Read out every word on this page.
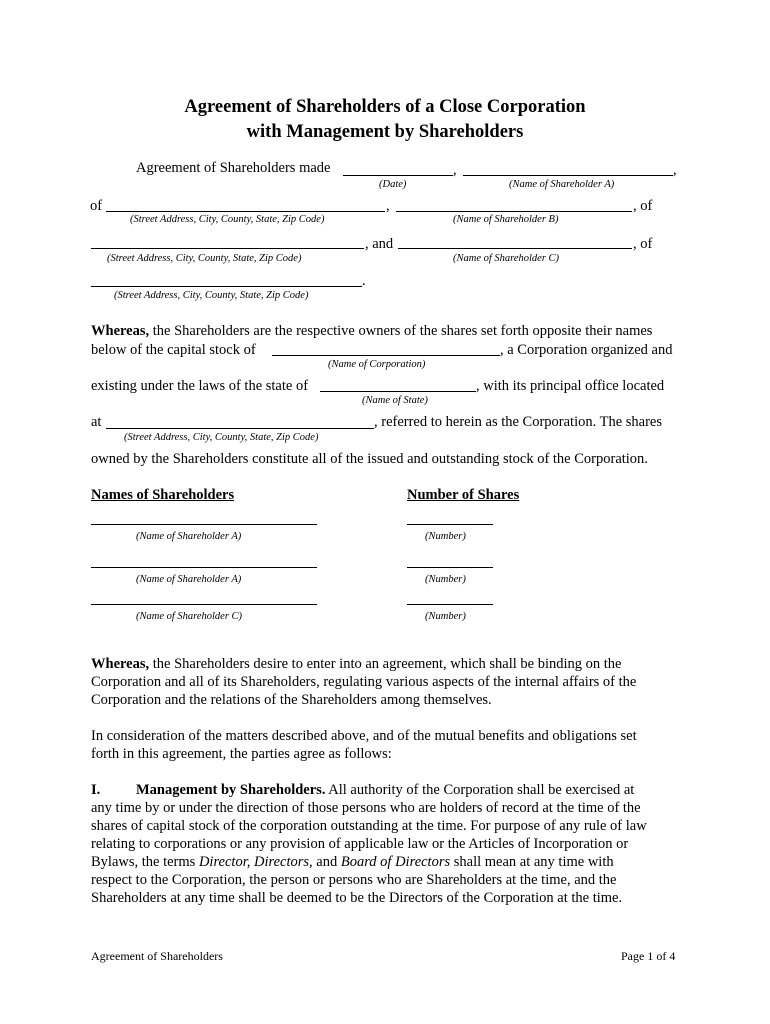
Agreement of Shareholders of a Close Corporation
with Management by Shareholders
Agreement of Shareholders made	,	,
(Date)	(Name of Shareholder A)
of	,	, of
(Street Address, City, County, State, Zip Code)	(Name of Shareholder B)
, and	, of
(Street Address, City, County, State, Zip Code)	(Name of Shareholder C)
.
(Street Address, City, County, State, Zip Code)
Whereas, the Shareholders are the respective owners of the shares set forth opposite their names
below of the capital stock of	, a Corporation organized and
(Name of Corporation)
existing under the laws of the state of	, with its principal office located
(Name of State)
at	, referred to herein as the Corporation. The shares
(Street Address, City, County, State, Zip Code)
owned by the Shareholders constitute all of the issued and outstanding stock of the Corporation.
Names of Shareholders	Number of Shares
(Name of Shareholder A)	(Number)
(Name of Shareholder A)	(Number)
(Name of Shareholder C)	(Number)
Whereas, the Shareholders desire to enter into an agreement, which shall be binding on the
Corporation and all of its Shareholders, regulating various aspects of the internal affairs of the
Corporation and the relations of the Shareholders among themselves.
In consideration of the matters described above, and of the mutual benefits and obligations set
forth in this agreement, the parties agree as follows:
I. Management by Shareholders. All authority of the Corporation shall be exercised at
any time by or under the direction of those persons who are holders of record at the time of the
shares of capital stock of the corporation outstanding at the time. For purpose of any rule of law
relating to corporations or any provision of applicable law or the Articles of Incorporation or
Bylaws, the terms Director, Directors, and Board of Directors shall mean at any time with
respect to the Corporation, the person or persons who are Shareholders at the time, and the
Shareholders at any time shall be deemed to be the Directors of the Corporation at the time.
Agreement of Shareholders	Page 1 of 4
